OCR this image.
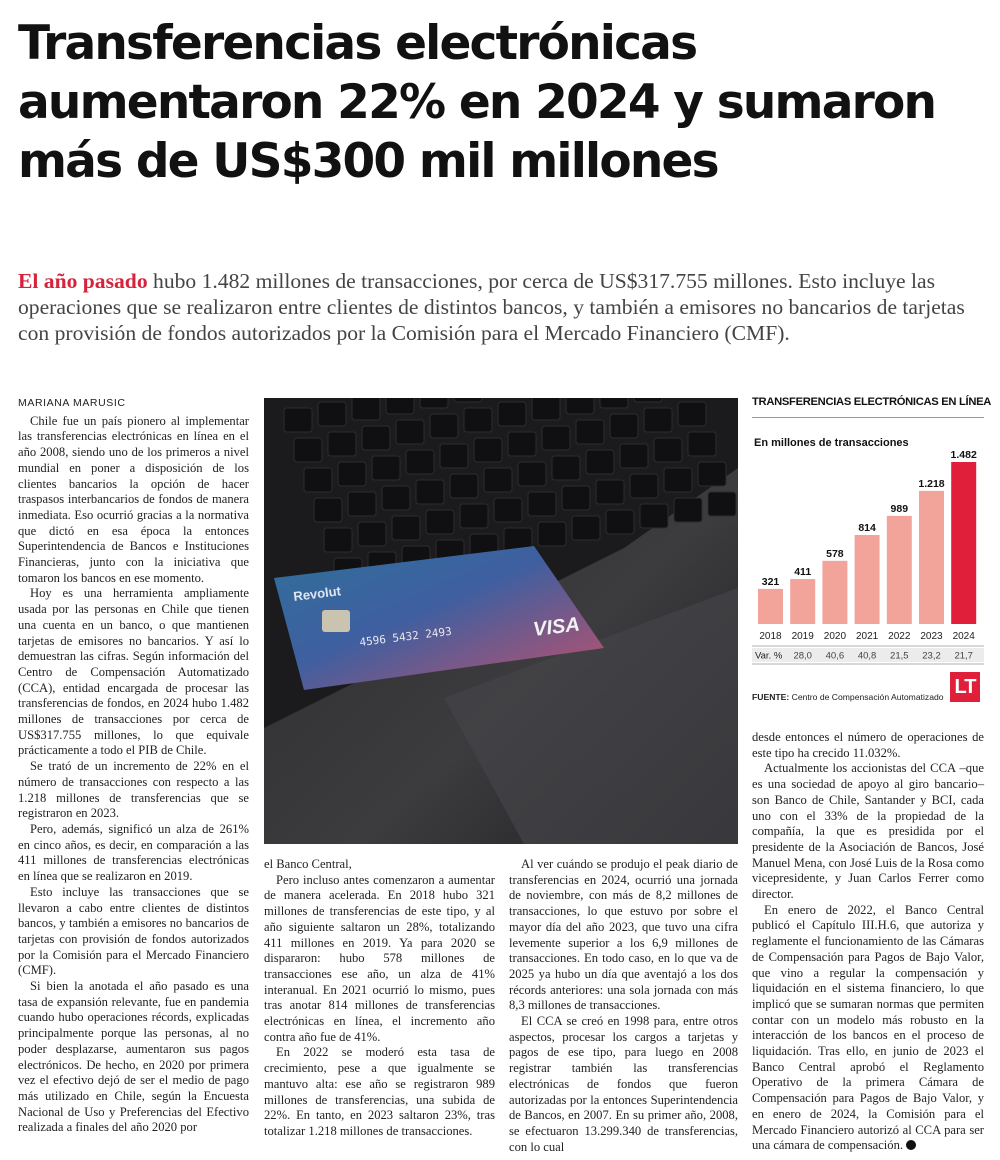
Transferencias electrónicas aumentaron 22% en 2024 y sumaron más de US$300 mil millones

El año pasado hubo 1.482 millones de transacciones, por cerca de US$317.755 millones. Esto incluye las operaciones que se realizaron entre clientes de distintos bancos, y también a emisores no bancarios de tarjetas con provisión de fondos autorizados por la Comisión para el Mercado Financiero (CMF).

MARIANA MARUSIC

Chile fue un país pionero al implementar las transferencias electrónicas en línea en el año 2008, siendo uno de los primeros a nivel mundial en poner a disposición de los clientes bancarios la opción de hacer traspasos interbancarios de fondos de manera inmediata. Eso ocurrió gracias a la normativa que dictó en esa época la entonces Superintendencia de Bancos e Instituciones Financieras, junto con la iniciativa que tomaron los bancos en ese momento.

Hoy es una herramienta ampliamente usada por las personas en Chile que tienen una cuenta en un banco, o que mantienen tarjetas de emisores no bancarios. Y así lo demuestran las cifras. Según información del Centro de Compensación Automatizado (CCA), entidad encargada de procesar las transferencias de fondos, en 2024 hubo 1.482 millones de transacciones por cerca de US$317.755 millones, lo que equivale prácticamente a todo el PIB de Chile.

Se trató de un incremento de 22% en el número de transacciones con respecto a las 1.218 millones de transferencias que se registraron en 2023.

Pero, además, significó un alza de 261% en cinco años, es decir, en comparación a las 411 millones de transferencias electrónicas en línea que se realizaron en 2019.

Esto incluye las transacciones que se llevaron a cabo entre clientes de distintos bancos, y también a emisores no bancarios de tarjetas con provisión de fondos autorizados por la Comisión para el Mercado Financiero (CMF).

Si bien la anotada el año pasado es una tasa de expansión relevante, fue en pandemia cuando hubo operaciones récords, explicadas principalmente porque las personas, al no poder desplazarse, aumentaron sus pagos electrónicos. De hecho, en 2020 por primera vez el efectivo dejó de ser el medio de pago más utilizado en Chile, según la Encuesta Nacional de Uso y Preferencias del Efectivo realizada a finales del año 2020 por

Revolut
VISA
4596 5432 2493

el Banco Central,

Pero incluso antes comenzaron a aumentar de manera acelerada. En 2018 hubo 321 millones de transferencias de este tipo, y al año siguiente saltaron un 28%, totalizando 411 millones en 2019. Ya para 2020 se dispararon: hubo 578 millones de transacciones ese año, un alza de 41% interanual. En 2021 ocurrió lo mismo, pues tras anotar 814 millones de transferencias electrónicas en línea, el incremento año contra año fue de 41%.

En 2022 se moderó esta tasa de crecimiento, pese a que igualmente se mantuvo alta: ese año se registraron 989 millones de transferencias, una subida de 22%. En tanto, en 2023 saltaron 23%, tras totalizar 1.218 millones de transacciones.

Al ver cuándo se produjo el peak diario de transferencias en 2024, ocurrió una jornada de noviembre, con más de 8,2 millones de transacciones, lo que estuvo por sobre el mayor día del año 2023, que tuvo una cifra levemente superior a los 6,9 millones de transacciones. En todo caso, en lo que va de 2025 ya hubo un día que aventajó a los dos récords anteriores: una sola jornada con más 8,3 millones de transacciones.

El CCA se creó en 1998 para, entre otros aspectos, procesar los cargos a tarjetas y pagos de ese tipo, para luego en 2008 registrar también las transferencias electrónicas de fondos que fueron autorizadas por la entonces Superintendencia de Bancos, en 2007. En su primer año, 2008, se efectuaron 13.299.340 de transferencias, con lo cual

TRANSFERENCIAS ELECTRÓNICAS EN LÍNEA
En millones de transacciones
321
2018
411
2019
578
2020
814
2021
989
2022
1.218
2023
1.482
2024
Var. % 28,0 40,6 40,8 21,5 23,2 21,7
FUENTE: Centro de Compensación Automatizado LT

desde entonces el número de operaciones de este tipo ha crecido 11.032%.

Actualmente los accionistas del CCA –que es una sociedad de apoyo al giro bancario– son Banco de Chile, Santander y BCI, cada uno con el 33% de la propiedad de la compañía, la que es presidida por el presidente de la Asociación de Bancos, José Manuel Mena, con José Luis de la Rosa como vicepresidente, y Juan Carlos Ferrer como director.

En enero de 2022, el Banco Central publicó el Capítulo III.H.6, que autoriza y reglamente el funcionamiento de las Cámaras de Compensación para Pagos de Bajo Valor, que vino a regular la compensación y liquidación en el sistema financiero, lo que implicó que se sumaran normas que permiten contar con un modelo más robusto en la interacción de los bancos en el proceso de liquidación. Tras ello, en junio de 2023 el Banco Central aprobó el Reglamento Operativo de la primera Cámara de Compensación para Pagos de Bajo Valor, y en enero de 2024, la Comisión para el Mercado Financiero autorizó al CCA para ser una cámara de compensación.
